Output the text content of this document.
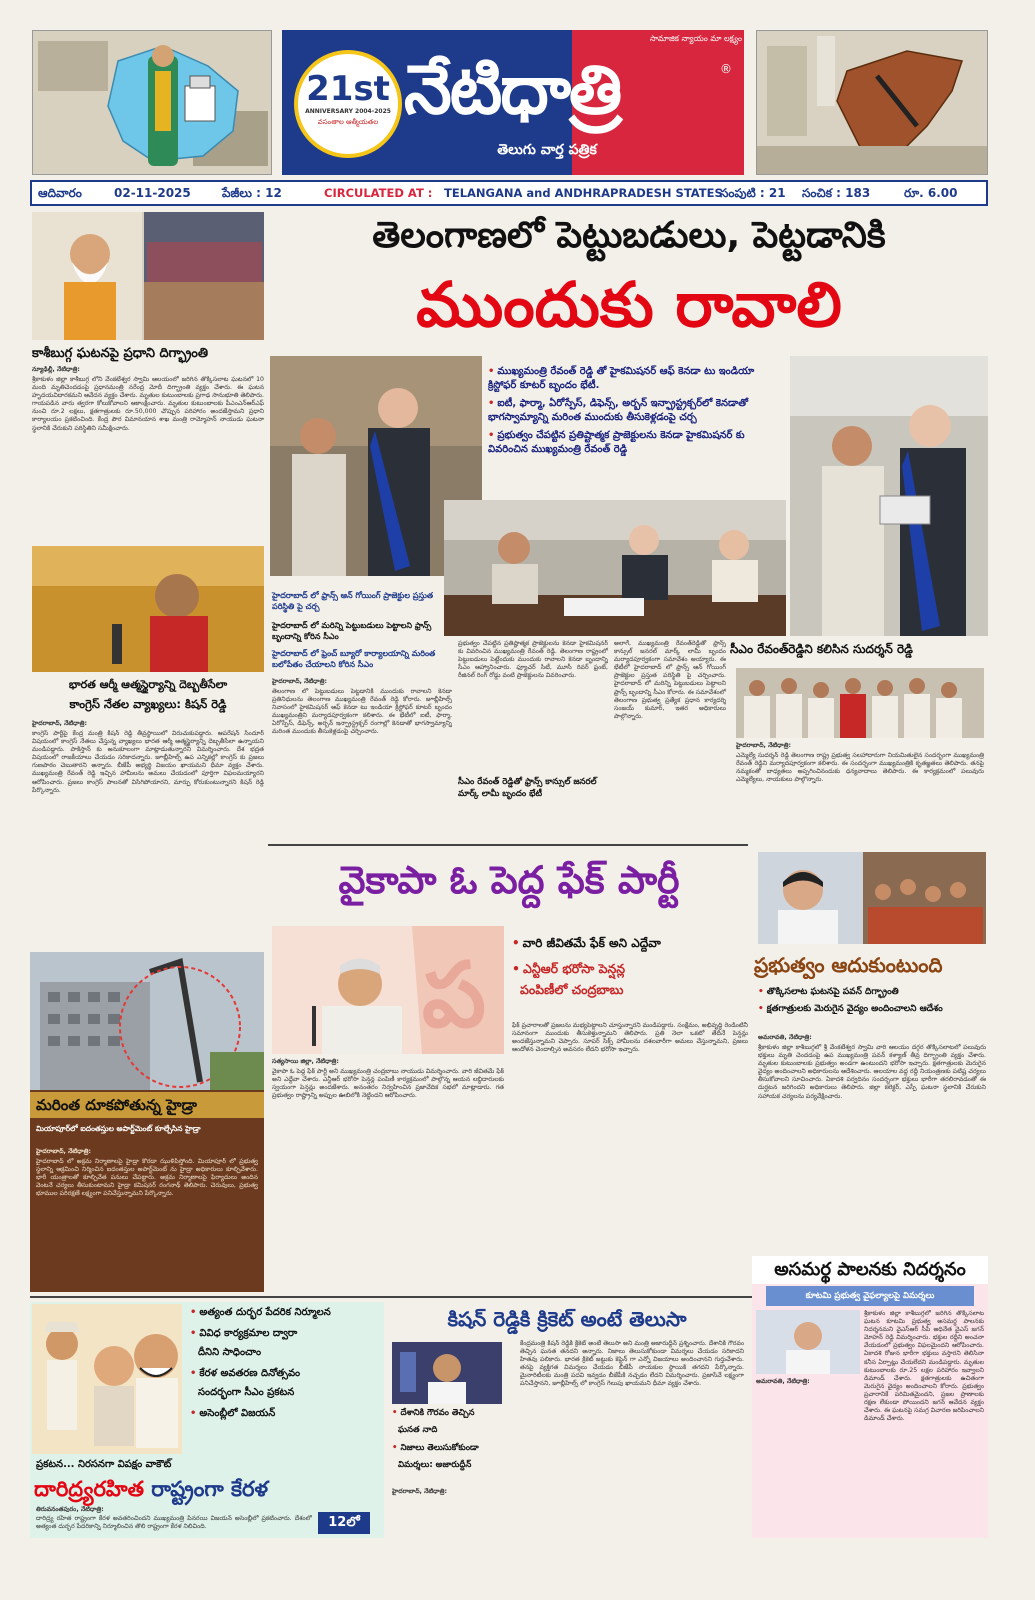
21st
ANNIVERSARY 2004-2025
వసంతాల ఆత్మీయతల
సామాజిక న్యాయం మా లక్ష్యం
®
నేటిధాత్రి
తెలుగు వార్త పత్రిక
ఆదివారం	02-11-2025	పేజీలు : 12	CIRCULATED AT : TELANGANA and ANDHRAPRADESH STATES
సంపుటి : 21 సంచిక : 183	రూ. 6.00
కాశీబుగ్గ ఘటనపై ప్రధాని దిగ్భ్రాంతి
న్యూఢిల్లీ, నేటిధాత్రి:
శ్రీకాకుళం జిల్లా కాశీబుగ్గ లోని వేంకటేశ్వర స్వామి ఆలయంలో జరిగిన తొక్కిసలాట ఘటనలో 10 మంది మృతిచెందడంపై ప్రధానమంత్రి నరేంద్ర మోదీ దిగ్భ్రాంతి వ్యక్తం చేశారు. ఈ ఘటన హృదయవిదారకమని ఆవేదన వ్యక్తం చేశారు. మృతుల కుటుంబాలకు ప్రగాఢ సానుభూతి తెలిపారు. గాయపడిన వారు త్వరగా కోలుకోవాలని ఆకాంక్షించారు. మృతుల కుటుంబాలకు పీఎంఎన్‌ఆర్ఎఫ్ నుంచి రూ.2 లక్షలు, క్షతగాత్రులకు రూ.50,000 చొప్పున పరిహారం అందజేస్తామని ప్రధాని కార్యాలయం ప్రకటించింది. కేంద్ర పౌర విమానయాన శాఖ మంత్రి రామ్మోహన్ నాయుడు ఘటనా స్థలానికి చేరుకుని పరిస్థితిని సమీక్షించారు.
భారత ఆర్మీ ఆత్మస్థైర్యాన్ని దెబ్బతీసేలా
కాంగ్రెస్ నేతల వ్యాఖ్యలు: కిషన్ రెడ్డి
హైదరాబాద్, నేటిధాత్రి:
కాంగ్రెస్ పార్టీపై కేంద్ర మంత్రి కిషన్ రెడ్డి తీవ్రస్థాయిలో విరుచుకుపడ్డారు. ఆపరేషన్ సిందూర్ విషయంలో కాంగ్రెస్ నేతలు చేస్తున్న వ్యాఖ్యలు భారత ఆర్మీ ఆత్మస్థైర్యాన్ని దెబ్బతీసేలా ఉన్నాయని మండిపడ్డారు. పాకిస్తాన్ కు అనుకూలంగా మాట్లాడుతున్నారని విమర్శించారు. దేశ భద్రత విషయంలో రాజకీయాలు చేయడం సరికాదన్నారు. జూబ్లీహిల్స్ ఉప ఎన్నికల్లో కాంగ్రెస్ కు ప్రజలు గుణపాఠం చెబుతారని అన్నారు. బీజేపీ అభ్యర్థి విజయం ఖాయమని ధీమా వ్యక్తం చేశారు. ముఖ్యమంత్రి రేవంత్ రెడ్డి ఇచ్చిన హామీలను అమలు చేయడంలో పూర్తిగా విఫలమయ్యారని ఆరోపించారు. ప్రజలు కాంగ్రెస్ పాలనతో విసిగిపోయారని, మార్పు కోరుకుంటున్నారని కిషన్ రెడ్డి పేర్కొన్నారు.
మరింత దూకపోతున్న హైడ్రా
మియాపూర్‌లో ఐదంతస్తుల అపార్ట్‌మెంట్ కూల్చేసిన హైడ్రా
హైదరాబాద్, నేటిధాత్రి:
హైదరాబాద్ లో అక్రమ నిర్మాణాలపై హైడ్రా కొరడా ఝుళిపిస్తోంది. మియాపూర్ లో ప్రభుత్వ స్థలాన్ని ఆక్రమించి నిర్మించిన ఐదంతస్తుల అపార్ట్‌మెంట్ ను హైడ్రా అధికారులు కూల్చివేశారు. భారీ యంత్రాలతో కూల్చివేత పనులు చేపట్టారు. అక్రమ నిర్మాణాలపై ఫిర్యాదులు అందిన వెంటనే చర్యలు తీసుకుంటామని హైడ్రా కమిషనర్ రంగనాథ్ తెలిపారు. చెరువులు, ప్రభుత్వ భూముల పరిరక్షణే లక్ష్యంగా పనిచేస్తున్నామని పేర్కొన్నారు.
తెలంగాణలో పెట్టుబడులు, పెట్టడానికి
ముందుకు రావాలి
• ముఖ్యమంత్రి రేవంత్ రెడ్డి తో హైకమిషనర్ ఆఫ్ కెనడా టు ఇండియా క్రిస్టోఫర్ కూటర్ బృందం భేటీ.
• ఐటీ, ఫార్మా, ఏరోస్పేస్, డిఫెన్స్, అర్బన్ ఇన్ఫ్రాస్ట్రక్చర్‌లో కెనడాతో భాగస్వామ్యాన్ని మరింత ముందుకు తీసుకెళ్లడంపై చర్చ
• ప్రభుత్వం చేపట్టిన ప్రతిష్టాత్మక ప్రాజెక్టులను కెనడా హైకమిషనర్ కు వివరించిన ముఖ్యమంత్రి రేవంత్ రెడ్డి
హైదరాబాద్ లో ఫ్రాన్స్ ఆన్ గోయింగ్ ప్రాజెక్టుల ప్రస్తుత పరిస్థితి పై చర్చ
హైదరాబాద్ లో మరిన్ని పెట్టుబడులు పెట్టాలని ఫ్రాన్స్ బృందాన్ని కోరిన సీఎం
హైదరాబాద్ లో ఫ్రెంచ్ బ్యూరో కార్యాలయాన్ని మరింత బలోపేతం చేయాలని కోరిన సీఎం
హైదరాబాద్, నేటిధాత్రి:
తెలంగాణ లో పెట్టుబడులు పెట్టడానికి ముందుకు రావాలని కెనడా ప్రతినిధులను తెలంగాణ ముఖ్యమంత్రి రేవంత్ రెడ్డి కోరారు. జూబ్లీహిల్స్ నివాసంలో హైకమిషనర్ ఆఫ్ కెనడా టు ఇండియా క్రిస్టోఫర్ కూటర్ బృందం ముఖ్యమంత్రిని మర్యాదపూర్వకంగా కలిశారు. ఈ భేటీలో ఐటీ, ఫార్మా, ఏరోస్పేస్, డిఫెన్స్, అర్బన్ ఇన్ఫ్రాస్ట్రక్చర్ రంగాల్లో కెనడాతో భాగస్వామ్యాన్ని మరింత ముందుకు తీసుకెళ్లడంపై చర్చించారు.
ప్రభుత్వం చేపట్టిన ప్రతిష్టాత్మక ప్రాజెక్టులను కెనడా హైకమిషనర్ కు వివరించిన ముఖ్యమంత్రి రేవంత్ రెడ్డి. తెలంగాణ రాష్ట్రంలో పెట్టుబడులు పెట్టేందుకు ముందుకు రావాలని కెనడా బృందాన్ని సీఎం ఆహ్వానించారు. ఫ్యూచర్ సిటీ, మూసీ రివర్ ఫ్రంట్, రీజినల్ రింగ్ రోడ్డు వంటి ప్రాజెక్టులను వివరించారు.
సీఎం రేవంత్ రెడ్డితో ఫ్రాన్స్ కాన్సుల్ జనరల్ మార్క్ లామీ బృందం భేటీ
అలాగే, ముఖ్యమంత్రి రేవంత్‌రెడ్డితో ఫ్రాన్స్ కాన్సుల్ జనరల్ మార్క్ లామీ బృందం మర్యాదపూర్వకంగా సమావేశం అయ్యారు. ఈ భేటీలో హైదరాబాద్ లో ఫ్రాన్స్ ఆన్ గోయింగ్ ప్రాజెక్టుల ప్రస్తుత పరిస్థితి పై చర్చించారు. హైదరాబాద్ లో మరిన్ని పెట్టుబడులు పెట్టాలని ఫ్రాన్స్ బృందాన్ని సీఎం కోరారు. ఈ సమావేశంలో తెలంగాణ ప్రభుత్వ ప్రత్యేక ప్రధాన కార్యదర్శి సంజయ్ కుమార్, ఇతర అధికారులు పాల్గొన్నారు.
సీఎం రేవంత్‌రెడ్డిని కలిసిన సుదర్శన్ రెడ్డి
హైదరాబాద్, నేటిధాత్రి:
ఎమ్మెల్యే సుదర్శన్ రెడ్డి తెలంగాణ రాష్ట్ర ప్రభుత్వ సలహాదారుగా నియమితులైన సందర్భంగా ముఖ్యమంత్రి రేవంత్ రెడ్డిని మర్యాదపూర్వకంగా కలిశారు. ఈ సందర్భంగా ముఖ్యమంత్రికి కృతజ్ఞతలు తెలిపారు. తనపై నమ్మకంతో బాధ్యతలు అప్పగించినందుకు ధన్యవాదాలు తెలిపారు. ఈ కార్యక్రమంలో పలువురు ఎమ్మెల్యేలు, నాయకులు పాల్గొన్నారు.
వైకాపా ఓ పెద్ద ఫేక్ పార్టీ
ప
•	వారి జీవితమే ఫేక్ అని ఎద్దేవా
• ఎన్టీఆర్ భరోసా పెన్షన్ల
పంపిణీలో చంద్రబాబు
సత్యసాయి జిల్లా, నేటిధాత్రి:
వైకాపా ఓ పెద్ద ఫేక్ పార్టీ అని ముఖ్యమంత్రి చంద్రబాబు నాయుడు విమర్శించారు. వారి జీవితమే ఫేక్ అని ఎద్దేవా చేశారు. ఎన్టీఆర్ భరోసా పెన్షన్ల పంపిణీ కార్యక్రమంలో పాల్గొన్న ఆయన లబ్ధిదారులకు స్వయంగా పెన్షన్లు అందజేశారు. అనంతరం నిర్వహించిన ప్రజావేదిక సభలో మాట్లాడారు. గత ప్రభుత్వం రాష్ట్రాన్ని అప్పుల ఊబిలోకి నెట్టిందని ఆరోపించారు.
ఫేక్ ప్రచారాలతో ప్రజలను మభ్యపెట్టాలని చూస్తున్నారని మండిపడ్డారు. సంక్షేమం, అభివృద్ధి రెండింటినీ సమానంగా ముందుకు తీసుకెళ్తున్నామని తెలిపారు. ప్రతి నెలా ఒకటో తేదీనే పెన్షన్లు అందజేస్తున్నామని చెప్పారు. సూపర్ సిక్స్ హామీలను దశలవారీగా అమలు చేస్తున్నామని, ప్రజలు ఆందోళన చెందాల్సిన అవసరం లేదని భరోసా ఇచ్చారు.
ప్రభుత్వం ఆదుకుంటుంది
• తొక్కిసలాట ఘటనపై పవన్ దిగ్భ్రాంతి
• క్షతగాత్రులకు మెరుగైన వైద్యం అందించాలని ఆదేశం
అమరావతి, నేటిధాత్రి:
శ్రీకాకుళం జిల్లా కాశీబుగ్గలో శ్రీ వేంకటేశ్వర స్వామి వారి ఆలయం దగ్గర తొక్కిసలాటలో పలువురు భక్తులు మృతి చెందడంపై ఉప ముఖ్యమంత్రి పవన్ కళ్యాణ్ తీవ్ర దిగ్భ్రాంతి వ్యక్తం చేశారు. మృతుల కుటుంబాలకు ప్రభుత్వం అండగా ఉంటుందని భరోసా ఇచ్చారు. క్షతగాత్రులకు మెరుగైన వైద్యం అందించాలని అధికారులను ఆదేశించారు. ఆలయాల వద్ద రద్దీ నియంత్రణకు పటిష్ట చర్యలు తీసుకోవాలని సూచించారు. ఏకాదశి పర్వదినం సందర్భంగా భక్తులు భారీగా తరలిరావడంతో ఈ దుర్ఘటన జరిగిందని అధికారులు తెలిపారు. జిల్లా కలెక్టర్, ఎస్పీ ఘటనా స్థలానికి చేరుకుని సహాయక చర్యలను పర్యవేక్షించారు.
• అత్యంత దుర్భర పేదరిక నిర్మూలన
• వివిధ కార్యక్రమాల ద్వారా
దీనిని సాధించాం
• కేరళ అవతరణ దినోత్సవం
సందర్భంగా సీఎం ప్రకటన
• అసెంబ్లీలో విజయన్
ప్రకటన... నిరసనగా విపక్షం వాకౌట్
దారిద్ర్యరహిత రాష్ట్రంగా కేరళ
తిరువనంతపురం, నేటిధాత్రి:
దారిద్ర్య రహిత రాష్ట్రంగా కేరళ అవతరించిందని ముఖ్యమంత్రి పినరయి విజయన్ అసెంబ్లీలో ప్రకటించారు. దేశంలో అత్యంత దుర్భర పేదరికాన్ని నిర్మూలించిన తొలి రాష్ట్రంగా కేరళ నిలిచింది.	12లో
కిషన్ రెడ్డికి క్రికెట్ అంటే తెలుసా
• దేశానికి గౌరవం తెచ్చిన
ఘనత నాది
• నిజాలు తెలుసుకోకుండా
విమర్శలు: అజారుద్దీన్
హైదరాబాద్, నేటిధాత్రి:
కేంద్రమంత్రి కిషన్ రెడ్డికి క్రికెట్ అంటే తెలుసా అని మంత్రి అజారుద్దీన్ ప్రశ్నించారు. దేశానికి గౌరవం తెచ్చిన ఘనత తనదని అన్నారు. నిజాలు తెలుసుకోకుండా విమర్శలు చేయడం సరికాదని హితవు పలికారు. భారత క్రికెట్ జట్టుకు కెప్టెన్ గా ఎన్నో విజయాలు అందించానని గుర్తుచేశారు. తనపై వ్యక్తిగత విమర్శలు చేయడం బీజేపీ నాయకుల స్థాయికి తగదని పేర్కొన్నారు. మైనారిటీలకు మంత్రి పదవి ఇవ్వడం బీజేపీకి నచ్చడం లేదని విమర్శించారు. ప్రజాసేవే లక్ష్యంగా పనిచేస్తానని, జూబ్లీహిల్స్ లో కాంగ్రెస్ గెలుపు ఖాయమని ధీమా వ్యక్తం చేశారు.
అసమర్థ పాలనకు నిదర్శనం
కూటమి ప్రభుత్వ వైఫల్యాలపై విమర్శలు
అమరావతి, నేటిధాత్రి:
శ్రీకాకుళం జిల్లా కాశీబుగ్గలో జరిగిన తొక్కిసలాట ఘటన కూటమి ప్రభుత్వ అసమర్థ పాలనకు నిదర్శనమని వైఎస్ఆర్ సీపీ అధినేత వైఎస్ జగన్ మోహన్ రెడ్డి విమర్శించారు. భక్తుల రద్దీని అంచనా వేయడంలో ప్రభుత్వం విఫలమైందని ఆరోపించారు. ఏకాదశి రోజున భారీగా భక్తులు వస్తారని తెలిసినా కనీస ఏర్పాట్లు చేయలేదని మండిపడ్డారు. మృతుల కుటుంబాలకు రూ.25 లక్షల పరిహారం ఇవ్వాలని డిమాండ్ చేశారు. క్షతగాత్రులకు ఉచితంగా మెరుగైన వైద్యం అందించాలని కోరారు. ప్రభుత్వం ప్రచారానికే పరిమితమైందని, ప్రజల ప్రాణాలకు రక్షణ లేకుండా పోయిందని జగన్ ఆవేదన వ్యక్తం చేశారు. ఈ ఘటనపై సమగ్ర విచారణ జరిపించాలని డిమాండ్ చేశారు.
